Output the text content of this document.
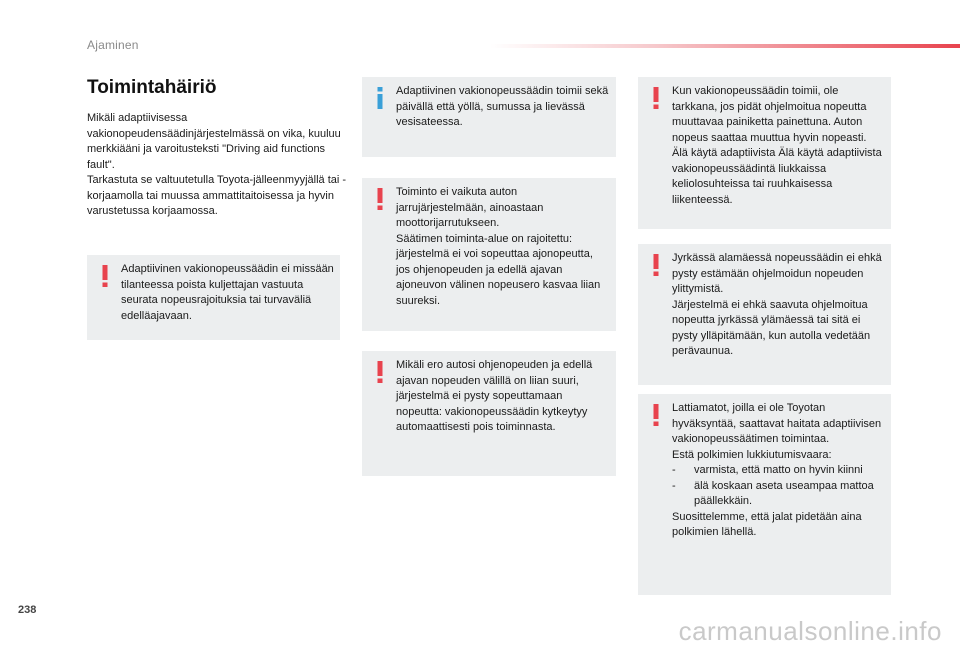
Ajaminen
Toimintahäiriö

Mikäli adaptiivisessa vakionopeudensäädinjärjestelmässä on vika, kuuluu merkkiääni ja varoitusteksti "Driving aid functions fault".

Tarkastuta se valtuutetulla Toyota-jälleenmyyjällä tai -korjaamolla tai muussa ammattitaitoisessa ja hyvin varustetussa korjaamossa.

Adaptiivinen vakionopeussäädin ei missään tilanteessa poista kuljettajan vastuuta seurata nopeusrajoituksia tai turvaväliä edelläajavaan.

Adaptiivinen vakionopeussäädin toimii sekä päivällä että yöllä, sumussa ja lievässä vesisateessa.

Toiminto ei vaikuta auton jarrujärjestelmään, ainoastaan moottorijarrutukseen.

Säätimen toiminta-alue on rajoitettu: järjestelmä ei voi sopeuttaa ajonopeutta, jos ohjenopeuden ja edellä ajavan ajoneuvon välinen nopeusero kasvaa liian suureksi.

Mikäli ero autosi ohjenopeuden ja edellä ajavan nopeuden välillä on liian suuri, järjestelmä ei pysty sopeuttamaan nopeutta: vakionopeussäädin kytkeytyy automaattisesti pois toiminnasta.

Kun vakionopeussäädin toimii, ole tarkkana, jos pidät ohjelmoitua nopeutta muuttavaa painiketta painettuna. Auton nopeus saattaa muuttua hyvin nopeasti. Älä käytä adaptiivista Älä käytä adaptiivista vakionopeussäädintä liukkaissa keliolosuhteissa tai ruuhkaisessa liikenteessä.

Jyrkässä alamäessä nopeussäädin ei ehkä pysty estämään ohjelmoidun nopeuden ylittymistä.

Järjestelmä ei ehkä saavuta ohjelmoitua nopeutta jyrkässä ylämäessä tai sitä ei pysty ylläpitämään, kun autolla vedetään perävaunua.

Lattiamatot, joilla ei ole Toyotan hyväksyntää, saattavat haitata adaptiivisen vakionopeussäätimen toimintaa.

Estä polkimien lukkiutumisvaara:

- varmista, että matto on hyvin kiinni
- älä koskaan aseta useampaa mattoa päällekkäin.

Suosittelemme, että jalat pidetään aina polkimien lähellä.

238
carmanualsonline.info
